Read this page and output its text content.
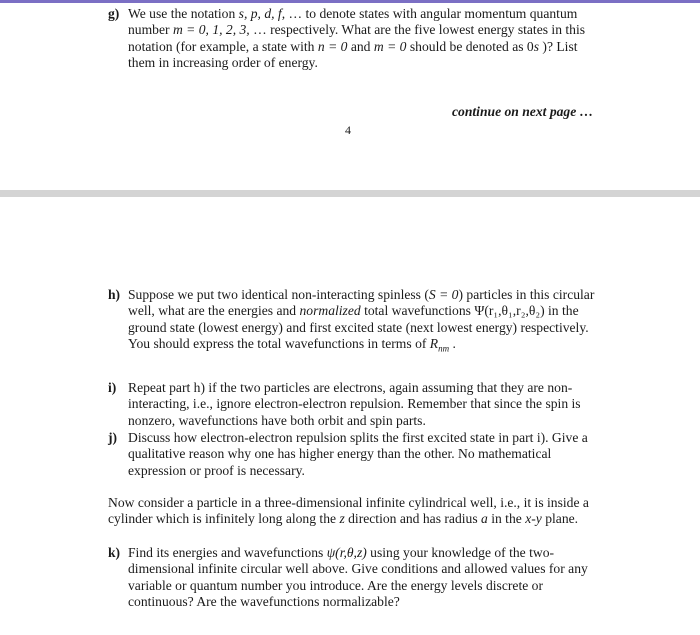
g) We use the notation s, p, d, f, … to denote states with angular momentum quantum number m = 0, 1, 2, 3, … respectively. What are the five lowest energy states in this notation (for example, a state with n = 0 and m = 0 should be denoted as 0s )? List them in increasing order of energy.
continue on next page …
4
h) Suppose we put two identical non-interacting spinless (S = 0) particles in this circular well, what are the energies and normalized total wavefunctions Ψ(r₁,θ₁,r₂,θ₂) in the ground state (lowest energy) and first excited state (next lowest energy) respectively. You should express the total wavefunctions in terms of $R_{nm}$ .
i) Repeat part h) if the two particles are electrons, again assuming that they are non-interacting, i.e., ignore electron-electron repulsion. Remember that since the spin is nonzero, wavefunctions have both orbit and spin parts.
j) Discuss how electron-electron repulsion splits the first excited state in part i). Give a qualitative reason why one has higher energy than the other. No mathematical expression or proof is necessary.
Now consider a particle in a three-dimensional infinite cylindrical well, i.e., it is inside a cylinder which is infinitely long along the z direction and has radius a in the x-y plane.
k) Find its energies and wavefunctions ψ(r,θ,z) using your knowledge of the two-dimensional infinite circular well above. Give conditions and allowed values for any variable or quantum number you introduce. Are the energy levels discrete or continuous? Are the wavefunctions normalizable?
